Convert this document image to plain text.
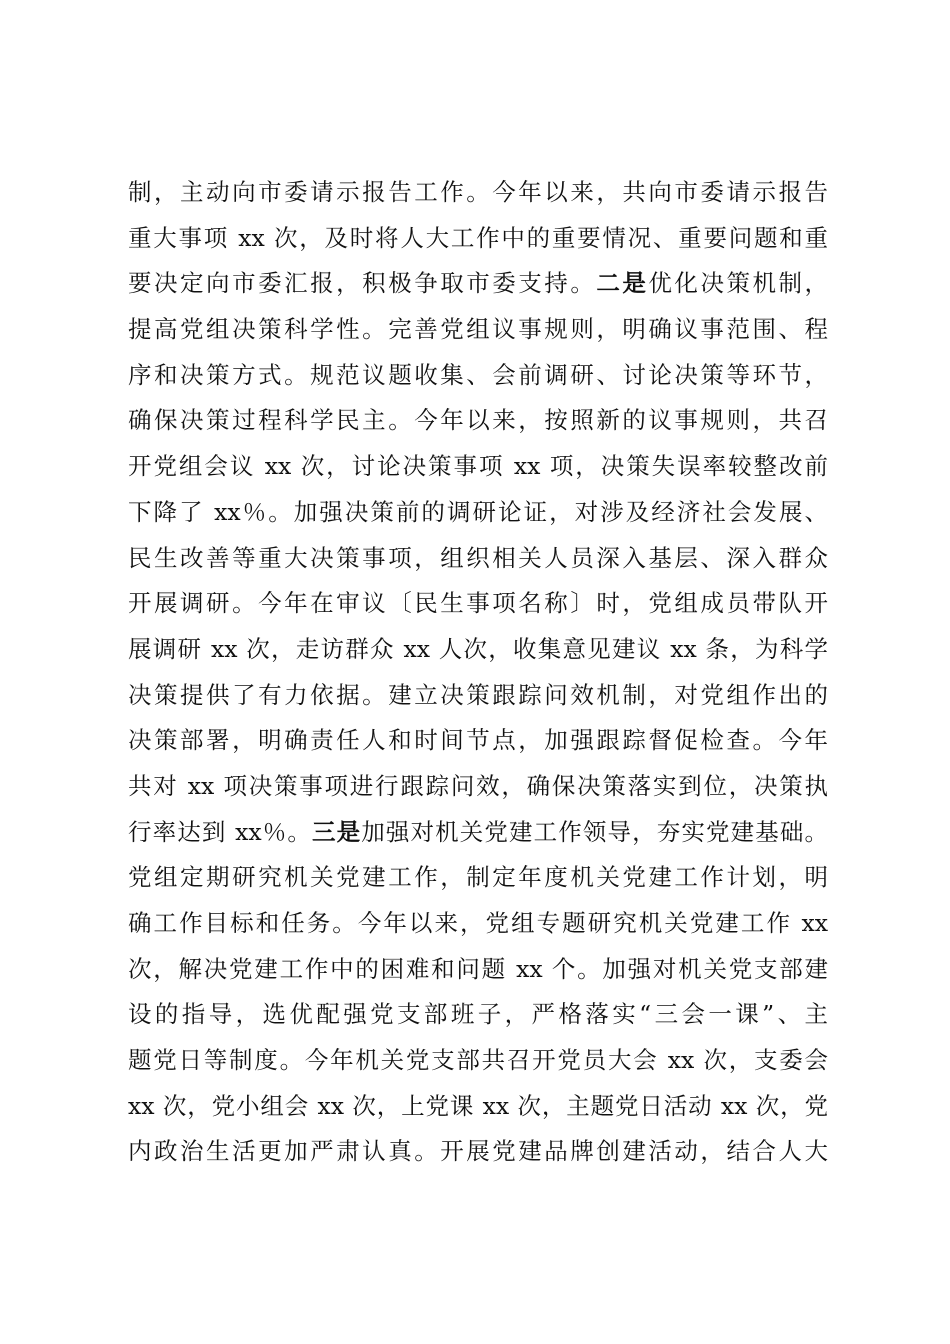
制，主动向市委请示报告工作。今年以来，共向市委请示报告
重大事项 xx 次，及时将人大工作中的重要情况、重要问题和重
要决定向市委汇报，积极争取市委支持。二是优化决策机制，
提高党组决策科学性。完善党组议事规则，明确议事范围、程
序和决策方式。规范议题收集、会前调研、讨论决策等环节，
确保决策过程科学民主。今年以来，按照新的议事规则，共召
开党组会议 xx 次，讨论决策事项 xx 项，决策失误率较整改前
下降了 xx％。加强决策前的调研论证，对涉及经济社会发展、
民生改善等重大决策事项，组织相关人员深入基层、深入群众
开展调研。今年在审议〔民生事项名称〕时，党组成员带队开
展调研 xx 次，走访群众 xx 人次，收集意见建议 xx 条，为科学
决策提供了有力依据。建立决策跟踪问效机制，对党组作出的
决策部署，明确责任人和时间节点，加强跟踪督促检查。今年
共对 xx 项决策事项进行跟踪问效，确保决策落实到位，决策执
行率达到 xx％。三是加强对机关党建工作领导，夯实党建基础。
党组定期研究机关党建工作，制定年度机关党建工作计划，明
确工作目标和任务。今年以来，党组专题研究机关党建工作 xx
次，解决党建工作中的困难和问题 xx 个。加强对机关党支部建
设的指导，选优配强党支部班子，严格落实“三会一课”、主
题党日等制度。今年机关党支部共召开党员大会 xx 次，支委会
xx 次，党小组会 xx 次，上党课 xx 次，主题党日活动 xx 次，党
内政治生活更加严肃认真。开展党建品牌创建活动，结合人大
